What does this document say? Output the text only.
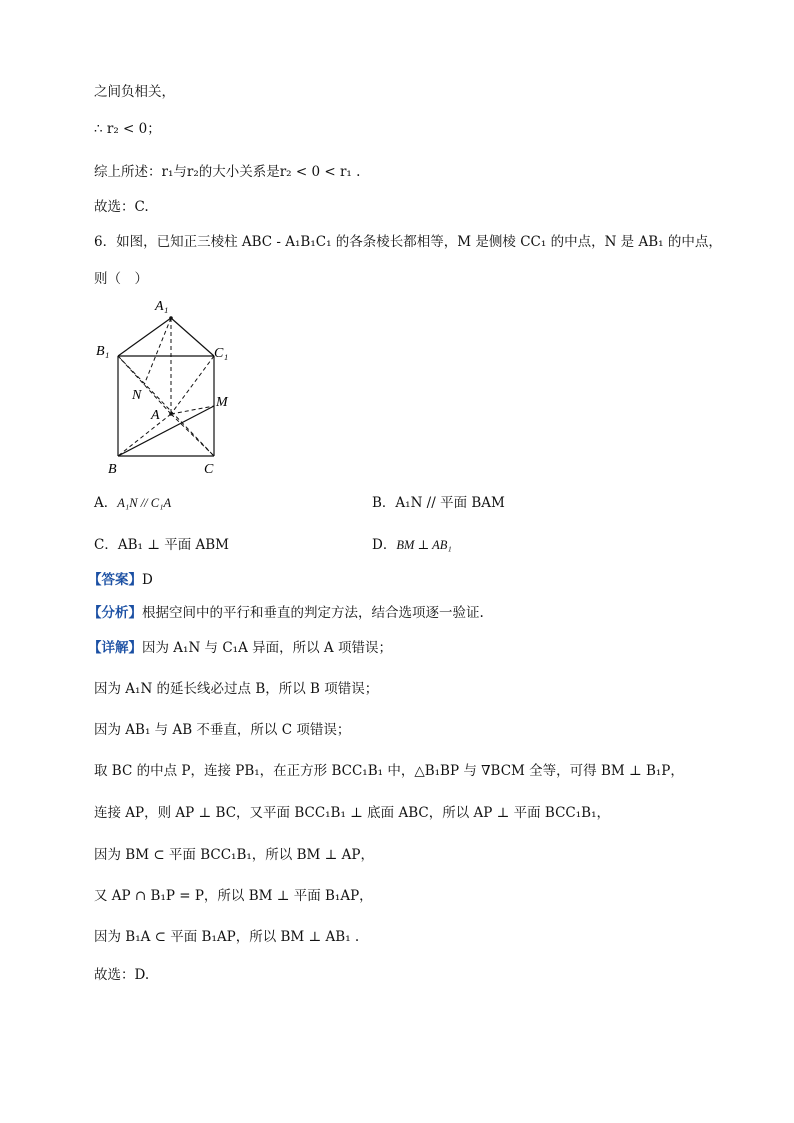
之间负相关，
∴ r₂ < 0；
综上所述：r₁与r₂的大小关系是r₂ < 0 < r₁ .
故选：C.
6．如图，已知正三棱柱 ABC - A₁B₁C₁ 的各条棱长都相等，M 是侧棱 CC₁ 的中点，N 是 AB₁ 的中点，
则（　）
A₁
B₁	C₁
N
A
M
B	C
A．A₁N // C₁A	B．A₁N // 平面 BAM
C．AB₁ ⊥ 平面 ABM	D．BM ⊥ AB₁
【答案】D
【分析】根据空间中的平行和垂直的判定方法，结合选项逐一验证.
【详解】因为 A₁N 与 C₁A 异面，所以 A 项错误；
因为 A₁N 的延长线必过点 B，所以 B 项错误；
因为 AB₁ 与 AB 不垂直，所以 C 项错误；
取 BC 的中点 P，连接 PB₁，在正方形 BCC₁B₁ 中，△B₁BP 与 ∇BCM 全等，可得 BM ⊥ B₁P，
连接 AP，则 AP ⊥ BC，又平面 BCC₁B₁ ⊥ 底面 ABC，所以 AP ⊥ 平面 BCC₁B₁，
因为 BM ⊂ 平面 BCC₁B₁，所以 BM ⊥ AP，
又 AP ∩ B₁P = P，所以 BM ⊥ 平面 B₁AP，
因为 B₁A ⊂ 平面 B₁AP，所以 BM ⊥ AB₁ .
故选：D.
